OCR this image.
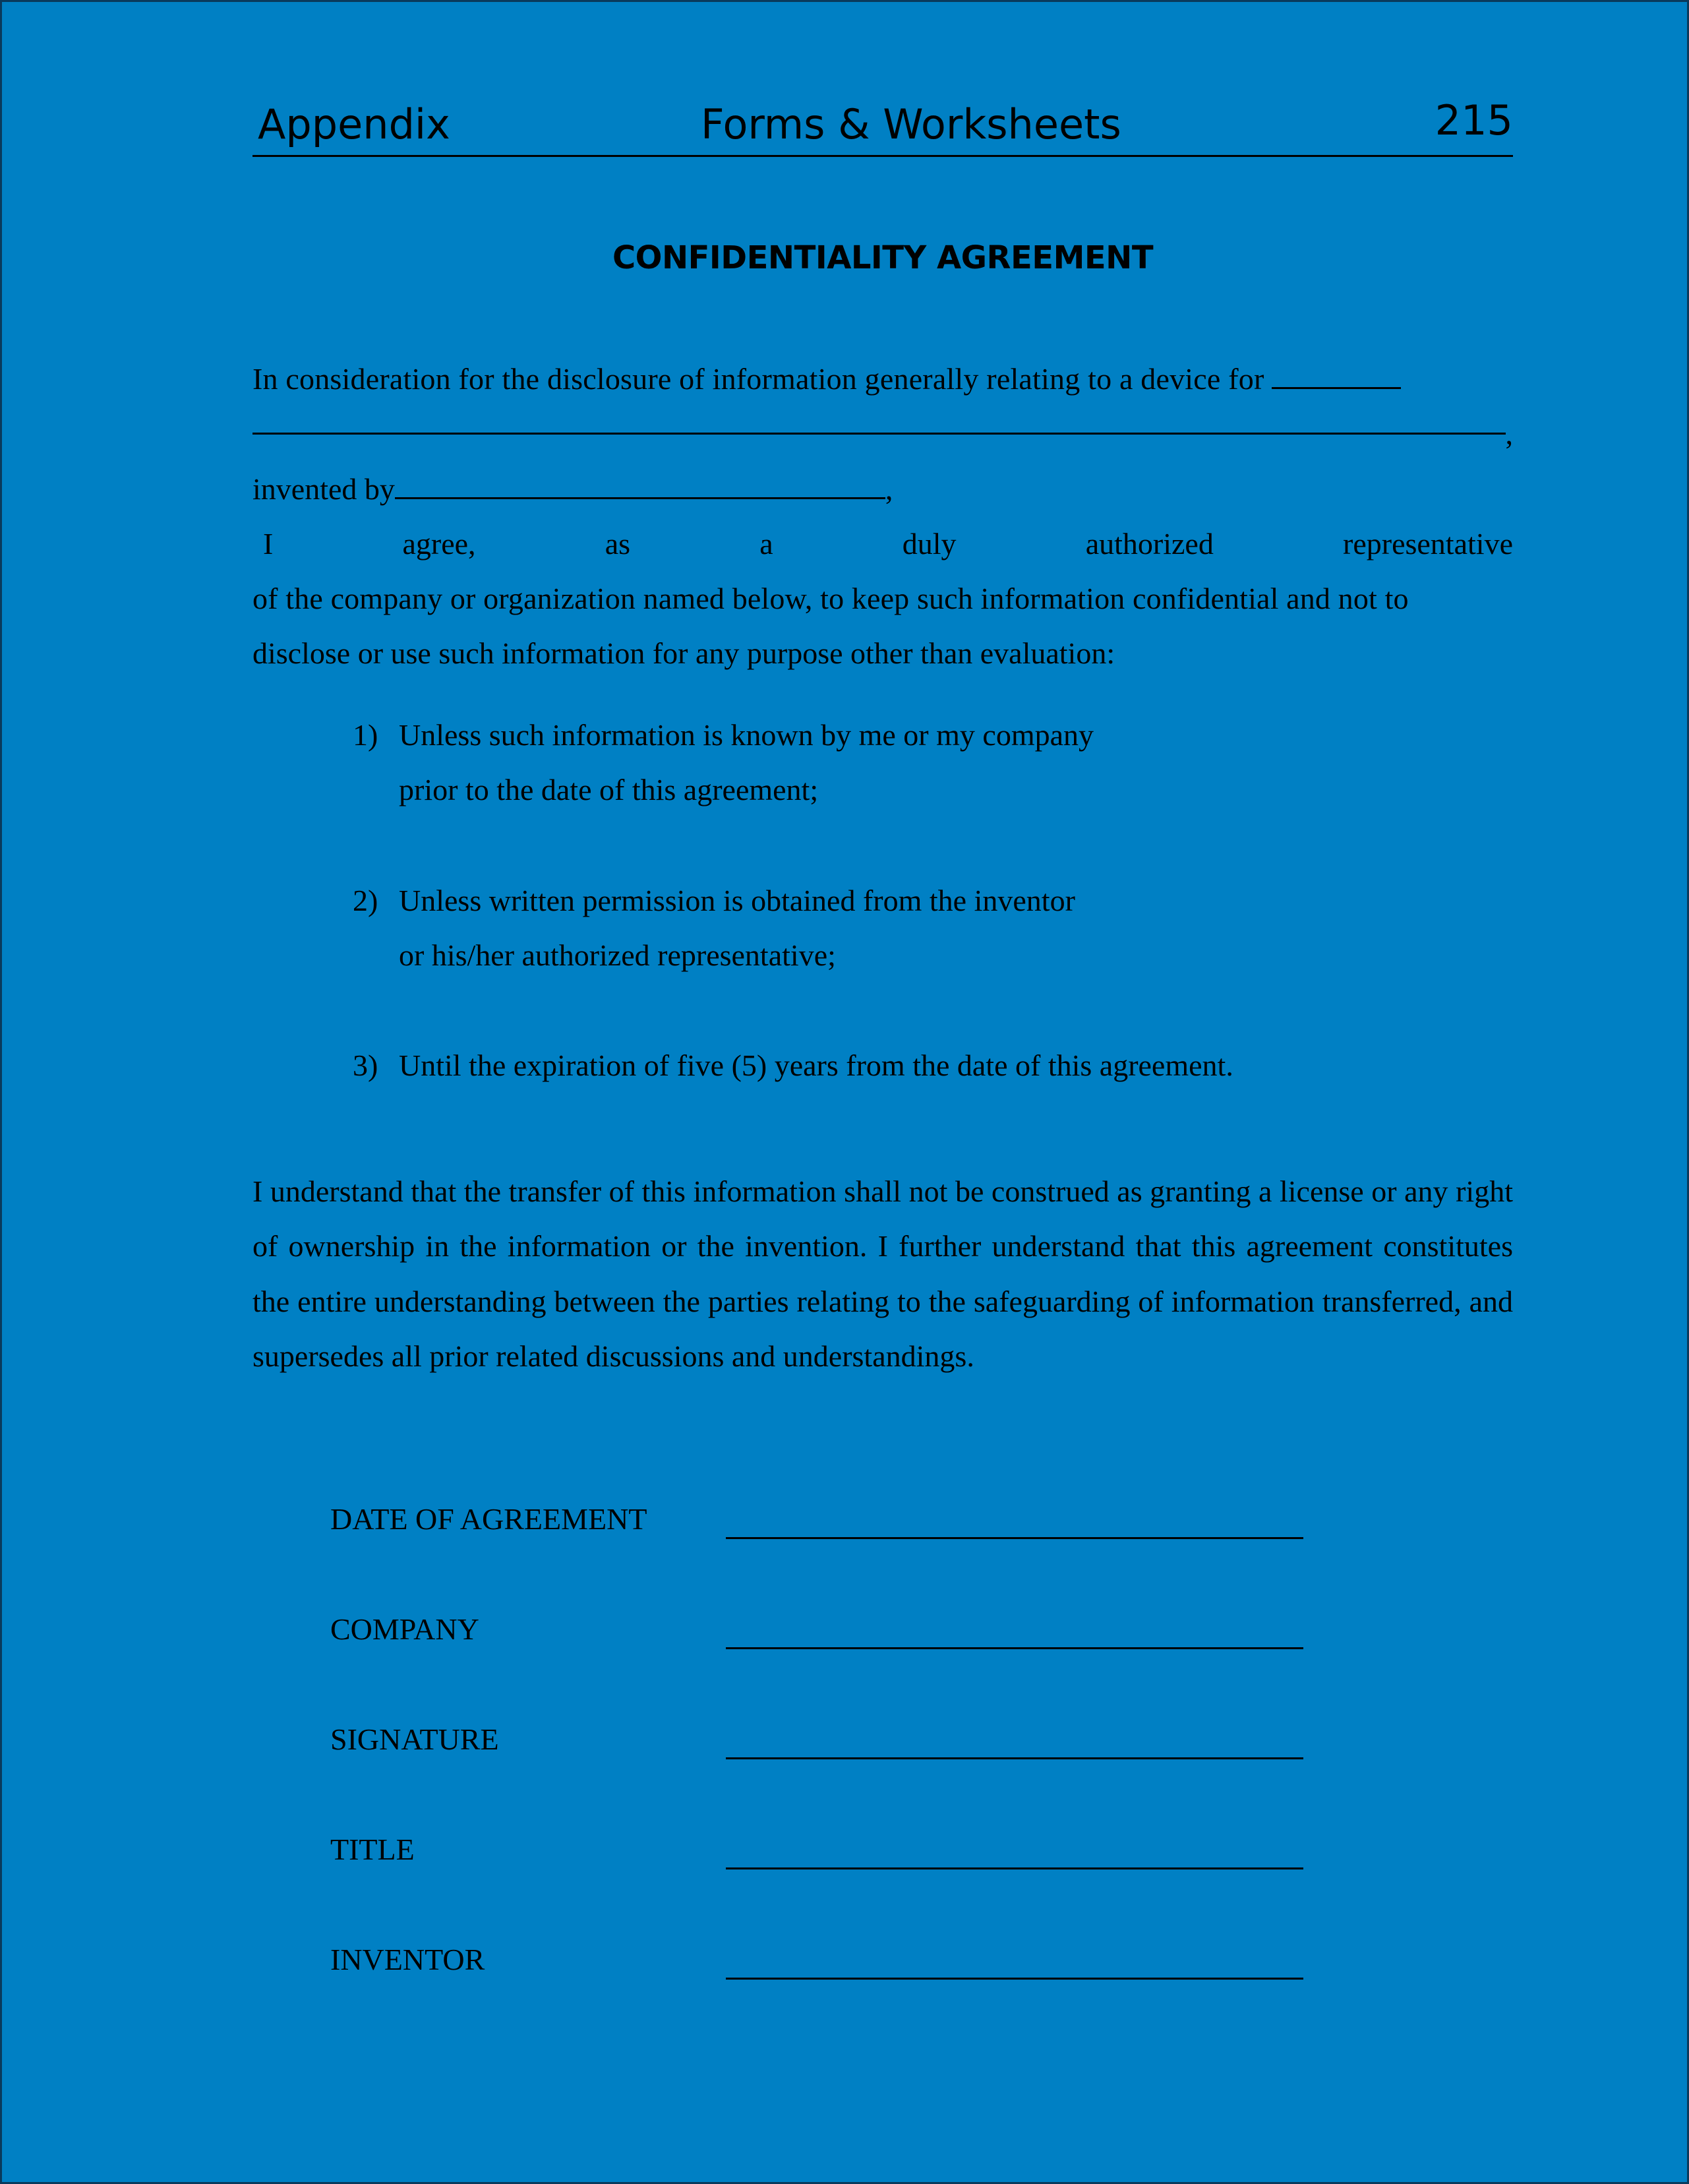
Appendix	Forms & Worksheets	215
CONFIDENTIALITY AGREEMENT
In consideration for the disclosure of information generally relating to a device for
,
invented by	,
I	agree,	as	a	duly	authorized	representative
of the company or organization named below, to keep such information confidential and not to
disclose or use such information for any purpose other than evaluation:
1) Unless such information is known by me or my company prior to the date of this agreement;
2) Unless written permission is obtained from the inventor or his/her authorized representative;
3) Until the expiration of five (5) years from the date of this agreement.
I understand that the transfer of this information shall not be construed as granting a license or any right of ownership in the information or the invention. I further understand that this agreement constitutes the entire understanding between the parties relating to the safeguarding of information transferred, and supersedes all prior related discussions and understandings.
DATE OF AGREEMENT
COMPANY
SIGNATURE
TITLE
INVENTOR
